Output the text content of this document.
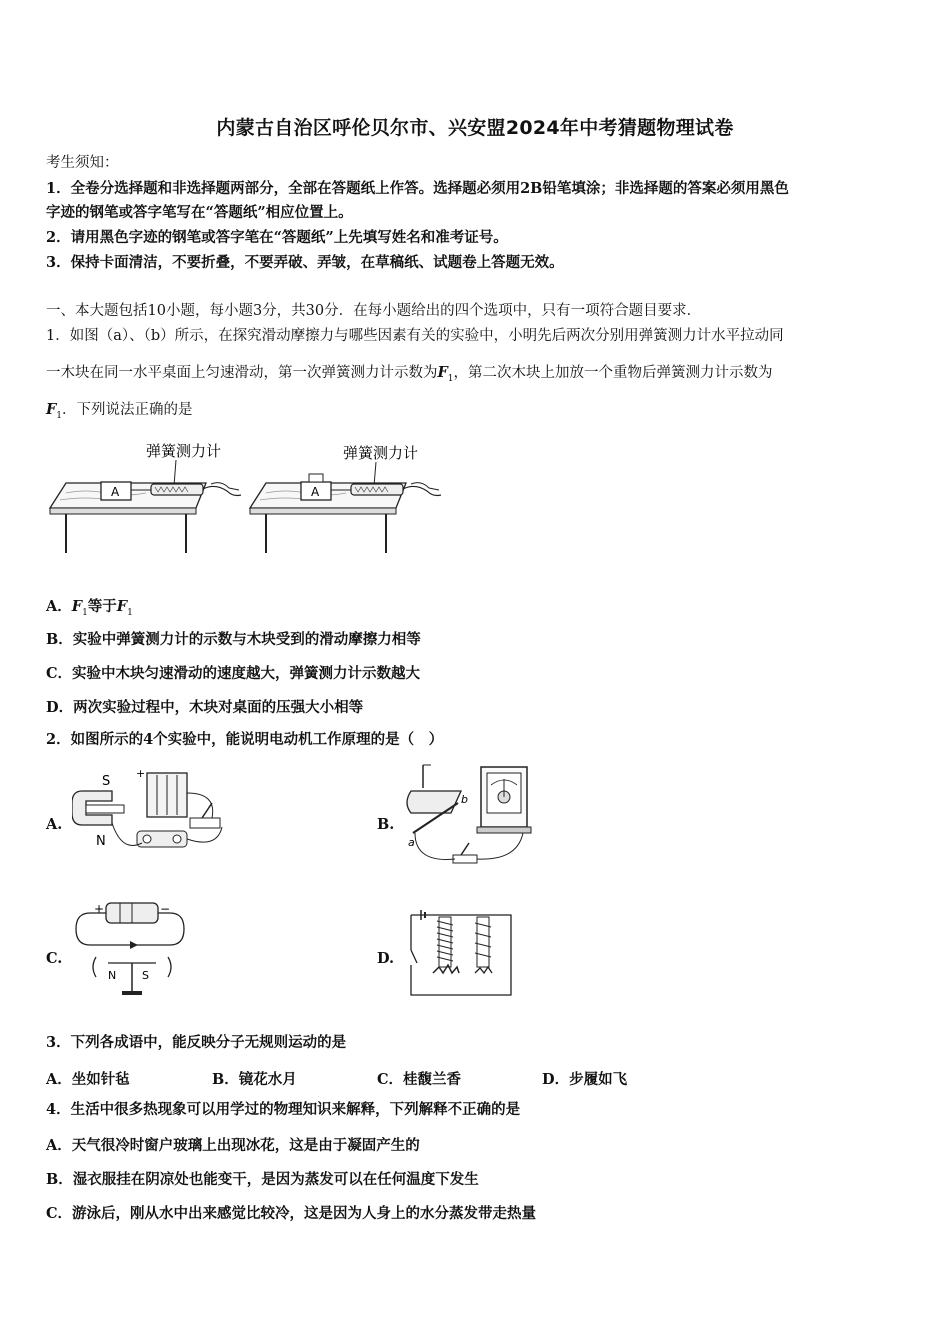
内蒙古自治区呼伦贝尔市、兴安盟2024年中考猜题物理试卷
考生须知：
1．全卷分选择题和非选择题两部分，全部在答题纸上作答。选择题必须用2B铅笔填涂；非选择题的答案必须用黑色
字迹的钢笔或答字笔写在“答题纸”相应位置上。
2．请用黑色字迹的钢笔或答字笔在“答题纸”上先填写姓名和准考证号。
3．保持卡面清洁，不要折叠，不要弄破、弄皱，在草稿纸、试题卷上答题无效。
一、本大题包括10小题，每小题3分，共30分．在每小题给出的四个选项中，只有一项符合题目要求．
1．如图（a）、（b）所示，在探究滑动摩擦力与哪些因素有关的实验中，小明先后两次分别用弹簧测力计水平拉动同
一木块在同一水平桌面上匀速滑动，第一次弹簧测力计示数为$F_1$，第二次木块上加放一个重物后弹簧测力计示数为
$F_1$．下列说法正确的是
弹簧测力计
A
弹簧测力计
A
A．$F_1$等于$F_1$
B．实验中弹簧测力计的示数与木块受到的滑动摩擦力相等
C．实验中木块匀速滑动的速度越大，弹簧测力计示数越大
D．两次实验过程中，木块对桌面的压强大小相等
2．如图所示的4个实验中，能说明电动机工作原理的是（　）
A.
S
N
+
B.
a
b
C.
+	−
N S
D.
3．下列各成语中，能反映分子无规则运动的是
A．坐如针毡	B．镜花水月	C．桂馥兰香	D．步履如飞
4．生活中很多热现象可以用学过的物理知识来解释，下列解释不正确的是
A．天气很冷时窗户玻璃上出现冰花，这是由于凝固产生的
B．湿衣服挂在阴凉处也能变干，是因为蒸发可以在任何温度下发生
C．游泳后，刚从水中出来感觉比较冷，这是因为人身上的水分蒸发带走热量
